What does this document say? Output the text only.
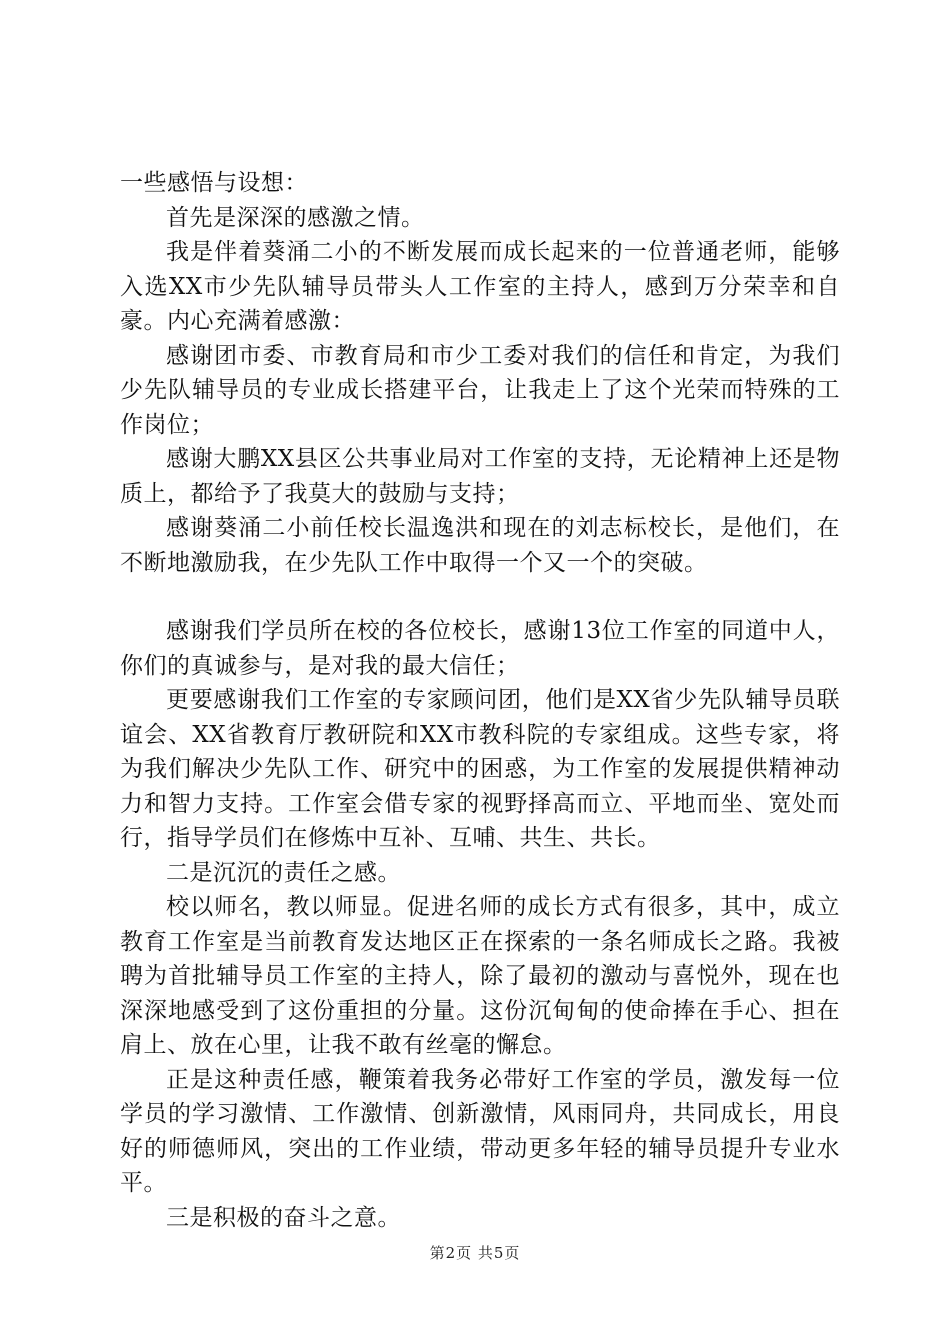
一些感悟与设想：

首先是深深的感激之情。

我是伴着葵涌二小的不断发展而成长起来的一位普通老师，能够入选XX市少先队辅导员带头人工作室的主持人，感到万分荣幸和自豪。内心充满着感激：

感谢团市委、市教育局和市少工委对我们的信任和肯定，为我们少先队辅导员的专业成长搭建平台，让我走上了这个光荣而特殊的工作岗位；

感谢大鹏XX县区公共事业局对工作室的支持，无论精神上还是物质上，都给予了我莫大的鼓励与支持；

感谢葵涌二小前任校长温逸洪和现在的刘志标校长，是他们，在不断地激励我，在少先队工作中取得一个又一个的突破。

感谢我们学员所在校的各位校长，感谢13位工作室的同道中人，你们的真诚参与，是对我的最大信任；

更要感谢我们工作室的专家顾问团，他们是XX省少先队辅导员联谊会、XX省教育厅教研院和XX市教科院的专家组成。这些专家，将为我们解决少先队工作、研究中的困惑，为工作室的发展提供精神动力和智力支持。工作室会借专家的视野择高而立、平地而坐、宽处而行，指导学员们在修炼中互补、互哺、共生、共长。

二是沉沉的责任之感。

校以师名，教以师显。促进名师的成长方式有很多，其中，成立教育工作室是当前教育发达地区正在探索的一条名师成长之路。我被聘为首批辅导员工作室的主持人，除了最初的激动与喜悦外，现在也深深地感受到了这份重担的分量。这份沉甸甸的使命捧在手心、担在肩上、放在心里，让我不敢有丝毫的懈怠。

正是这种责任感，鞭策着我务必带好工作室的学员，激发每一位学员的学习激情、工作激情、创新激情，风雨同舟，共同成长，用良好的师德师风，突出的工作业绩，带动更多年轻的辅导员提升专业水平。

三是积极的奋斗之意。

第2页 共5页
